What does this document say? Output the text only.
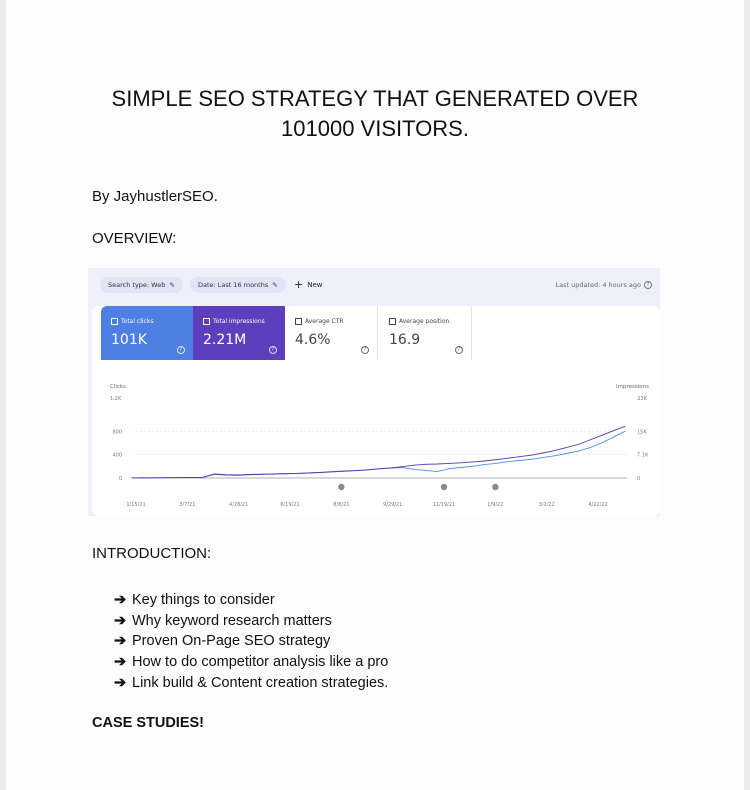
SIMPLE SEO STRATEGY THAT GENERATED OVER
101000 VISITORS.
By JayhustlerSEO.
OVERVIEW:
INTRODUCTION:
➔ Key things to consider
➔ Why keyword research matters
➔ Proven On-Page SEO strategy
➔ How to do competitor analysis like a pro
➔ Link build & Content creation strategies.
CASE STUDIES!
Search type: Web ✎	Date: Last 16 months ✎ + New	Last updated: 4 hours ago	?
Total clicks
101K
?
Total impressions
2.21M
?
Average CTR
4.6%
?
Average position
16.9
?
Clicks	Impressions
1.2K	23K
800	15K
400	7.1K
0	0
1/15/21	3/7/21	4/28/21	6/19/21	8/8/21	9/29/21	11/19/21	1/9/22	3/2/22	4/22/22
